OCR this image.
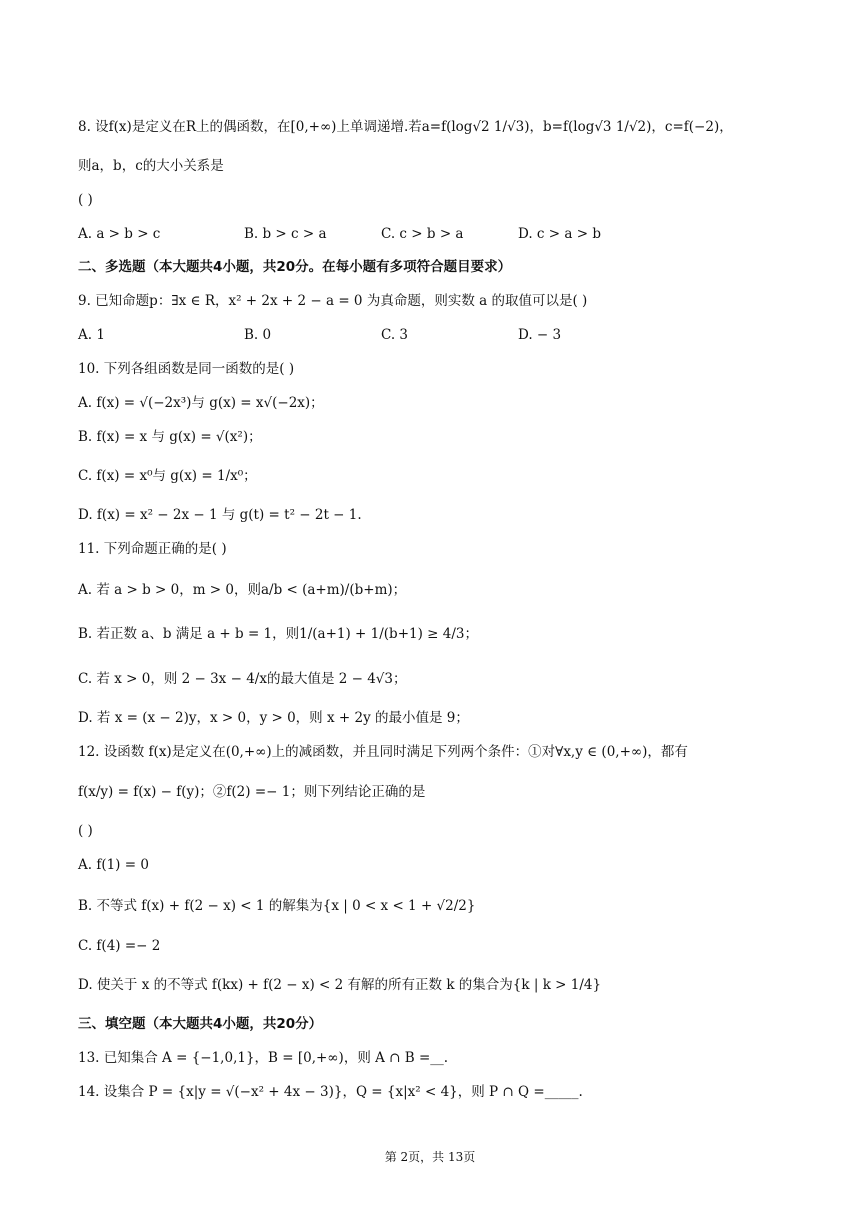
8. 设f(x)是定义在R上的偶函数，在[0,+∞)上单调递增.若a=f(log√2 1/√3)，b=f(log√3 1/√2)，c=f(−2)，
则a，b，c的大小关系是
( )
A. a > b > c	B. b > c > a	C. c > b > a	D. c > a > b
二、多选题（本大题共4小题，共20分。在每小题有多项符合题目要求）
9. 已知命题p：∃x ∈ R，x² + 2x + 2 − a = 0 为真命题，则实数 a 的取值可以是( )
A. 1	B. 0	C. 3	D. − 3
10. 下列各组函数是同一函数的是( )
A. f(x) = √(−2x³)与 g(x) = x√(−2x)；
B. f(x) = x 与 g(x) = √(x²)；
C. f(x) = x⁰与 g(x) = 1/x⁰；
D. f(x) = x² − 2x − 1 与 g(t) = t² − 2t − 1.
11. 下列命题正确的是( )
A. 若 a > b > 0，m > 0，则a/b < (a+m)/(b+m)；
B. 若正数 a、b 满足 a + b = 1，则1/(a+1) + 1/(b+1) ≥ 4/3；
C. 若 x > 0，则 2 − 3x − 4/x的最大值是 2 − 4√3；
D. 若 x = (x − 2)y，x > 0，y > 0，则 x + 2y 的最小值是 9；
12. 设函数 f(x)是定义在(0,+∞)上的减函数，并且同时满足下列两个条件：①对∀x,y ∈ (0,+∞)，都有
f(x/y) = f(x) − f(y)；②f(2) =− 1；则下列结论正确的是
( )
A. f(1) = 0
B. 不等式 f(x) + f(2 − x) < 1 的解集为{x | 0 < x < 1 + √2/2}
C. f(4) =− 2
D. 使关于 x 的不等式 f(kx) + f(2 − x) < 2 有解的所有正数 k 的集合为{k | k > 1/4}
三、填空题（本大题共4小题，共20分）
13. 已知集合 A = {−1,0,1}，B = [0,+∞)，则 A ∩ B =__.
14. 设集合 P = {x|y = √(−x² + 4x − 3)}，Q = {x|x² < 4}，则 P ∩ Q =_____.
第 2页，共 13页
